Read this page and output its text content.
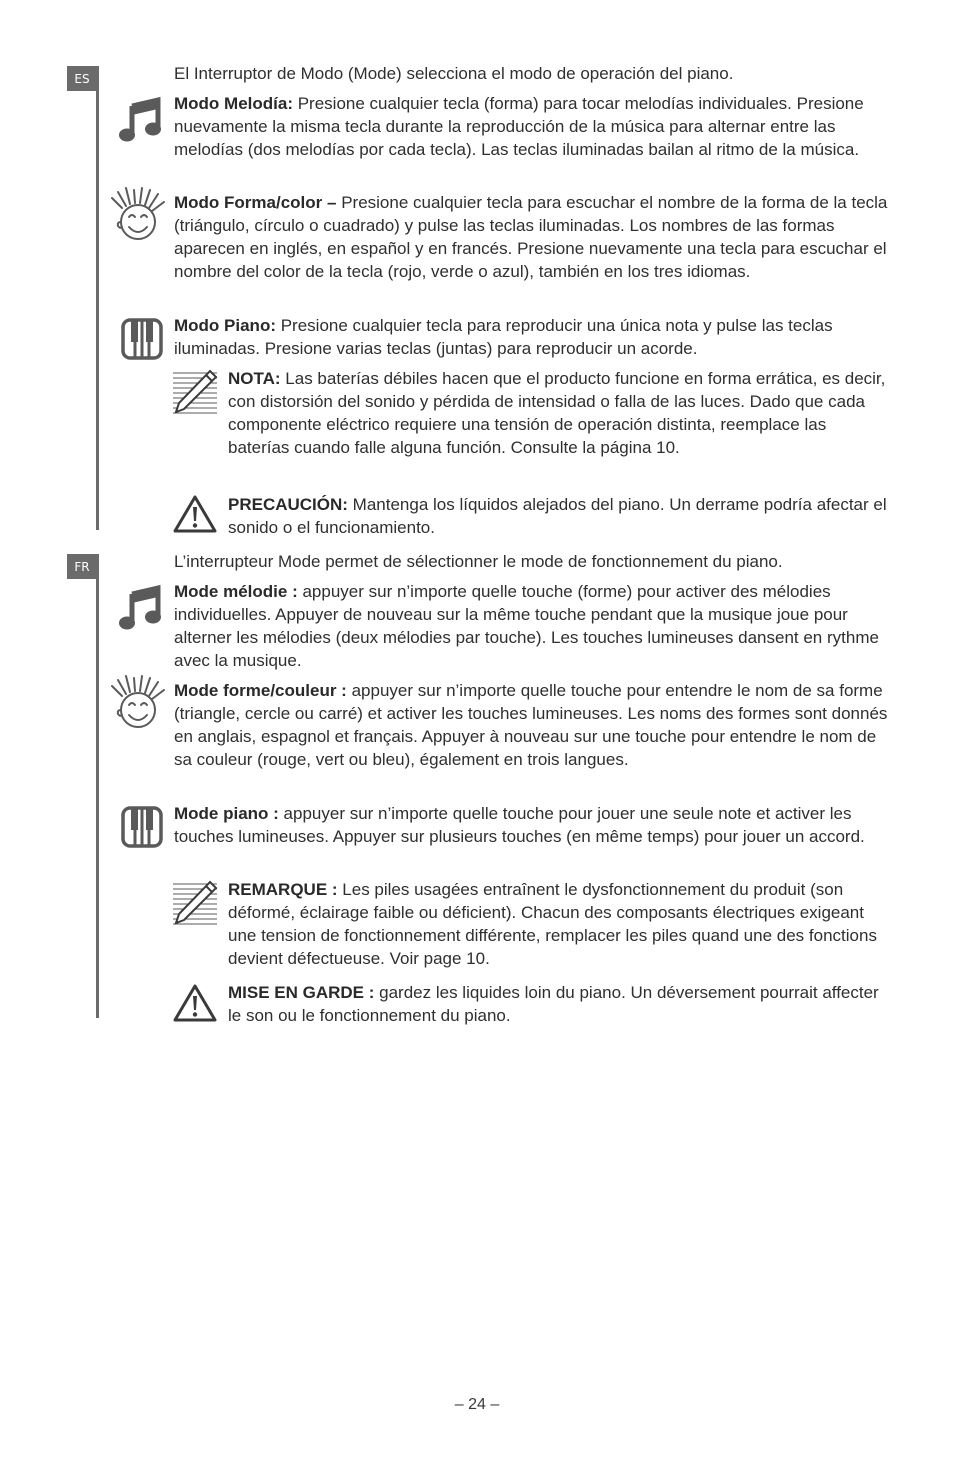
ES	El Interruptor de Modo (Mode) selecciona el modo de operación del piano.

Modo Melodía: Presione cualquier tecla (forma) para tocar melodías individuales. Presione nuevamente la misma tecla durante la reproducción de la música para alternar entre las melodías (dos melodías por cada tecla). Las teclas iluminadas bailan al ritmo de la música.

Modo Forma/color – Presione cualquier tecla para escuchar el nombre de la forma de la tecla (triángulo, círculo o cuadrado) y pulse las teclas iluminadas. Los nombres de las formas aparecen en inglés, en español y en francés. Presione nuevamente una tecla para escuchar el nombre del color de la tecla (rojo, verde o azul), también en los tres idiomas.

Modo Piano: Presione cualquier tecla para reproducir una única nota y pulse las teclas iluminadas. Presione varias teclas (juntas) para reproducir un acorde.

NOTA: Las baterías débiles hacen que el producto funcione en forma errática, es decir, con distorsión del sonido y pérdida de intensidad o falla de las luces. Dado que cada componente eléctrico requiere una tensión de operación distinta, reemplace las baterías cuando falle alguna función. Consulte la página 10.

PRECAUCIÓN: Mantenga los líquidos alejados del piano. Un derrame podría afectar el sonido o el funcionamiento.

FR	L’interrupteur Mode permet de sélectionner le mode de fonctionnement du piano.

Mode mélodie : appuyer sur n’importe quelle touche (forme) pour activer des mélodies individuelles. Appuyer de nouveau sur la même touche pendant que la musique joue pour alterner les mélodies (deux mélodies par touche). Les touches lumineuses dansent en rythme avec la musique.

Mode forme/couleur : appuyer sur n’importe quelle touche pour entendre le nom de sa forme (triangle, cercle ou carré) et activer les touches lumineuses. Les noms des formes sont donnés en anglais, espagnol et français. Appuyer à nouveau sur une touche pour entendre le nom de sa couleur (rouge, vert ou bleu), également en trois langues.

Mode piano : appuyer sur n’importe quelle touche pour jouer une seule note et activer les touches lumineuses. Appuyer sur plusieurs touches (en même temps) pour jouer un accord.

REMARQUE : Les piles usagées entraînent le dysfonctionnement du produit (son déformé, éclairage faible ou déficient). Chacun des composants électriques exigeant une tension de fonctionnement différente, remplacer les piles quand une des fonctions devient défectueuse. Voir page 10.

MISE EN GARDE : gardez les liquides loin du piano. Un déversement pourrait affecter le son ou le fonctionnement du piano.

– 24 –
